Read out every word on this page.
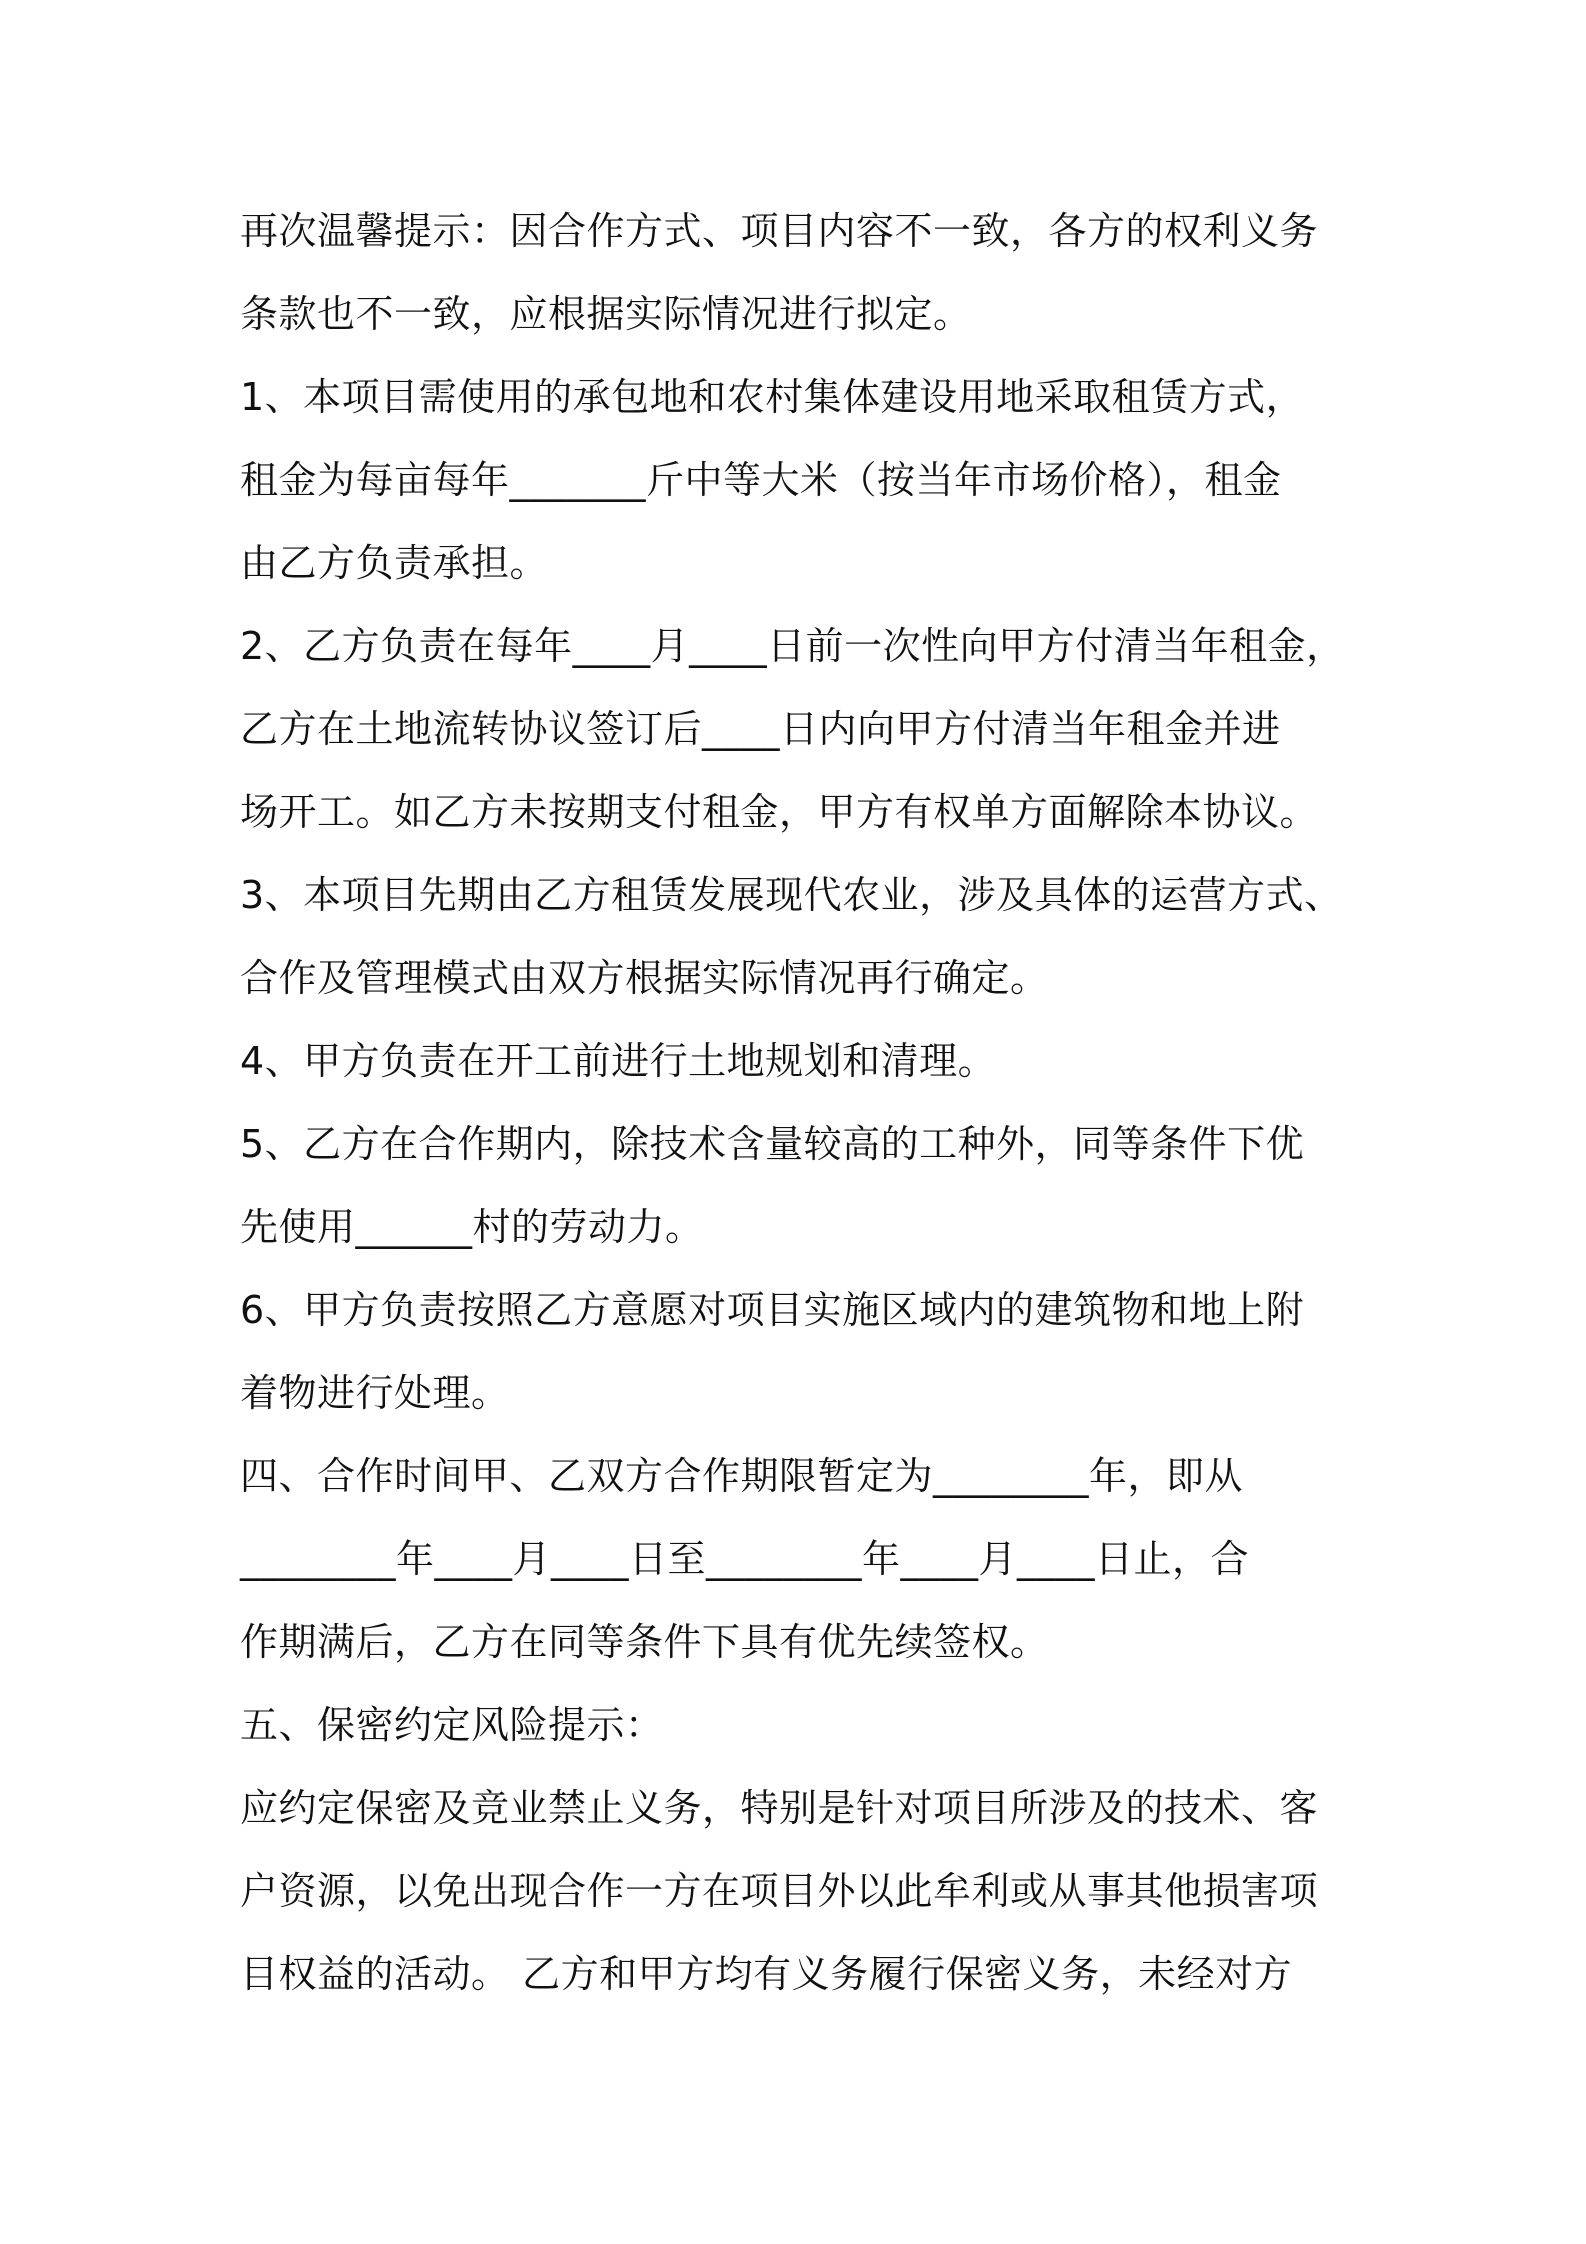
再次温馨提示：因合作方式、项目内容不一致，各方的权利义务
条款也不一致，应根据实际情况进行拟定。
1、本项目需使用的承包地和农村集体建设用地采取租赁方式，
租金为每亩每年_______斤中等大米（按当年市场价格），租金
由乙方负责承担。
2、乙方负责在每年____月____日前一次性向甲方付清当年租金，
乙方在土地流转协议签订后____日内向甲方付清当年租金并进
场开工。如乙方未按期支付租金，甲方有权单方面解除本协议。
3、本项目先期由乙方租赁发展现代农业，涉及具体的运营方式、
合作及管理模式由双方根据实际情况再行确定。
4、甲方负责在开工前进行土地规划和清理。
5、乙方在合作期内，除技术含量较高的工种外，同等条件下优
先使用______村的劳动力。
6、甲方负责按照乙方意愿对项目实施区域内的建筑物和地上附
着物进行处理。
四、合作时间甲、乙双方合作期限暂定为________年，即从
________年____月____日至________年____月____日止，合
作期满后，乙方在同等条件下具有优先续签权。
五、保密约定风险提示：
应约定保密及竞业禁止义务，特别是针对项目所涉及的技术、客
户资源，以免出现合作一方在项目外以此牟利或从事其他损害项
目权益的活动。 乙方和甲方均有义务履行保密义务，未经对方
